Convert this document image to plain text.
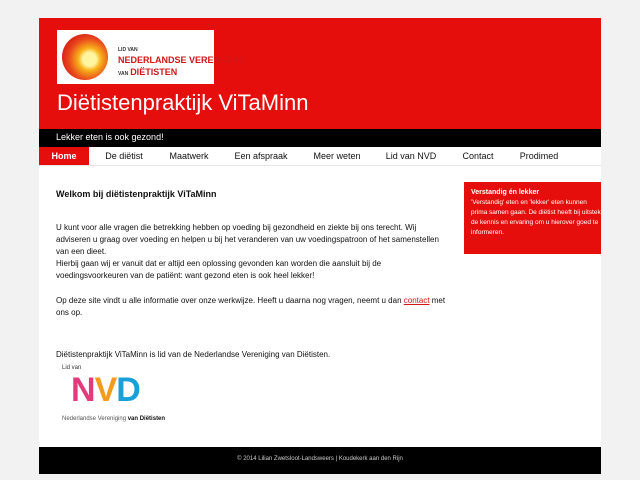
LID VAN
NEDERLANDSE VERENIGING
VAN DIËTISTEN
Diëtistenpraktijk ViTaMinn
Lekker eten is ook gezond!
Home	De diëtist	Maatwerk	Een afspraak	Meer weten	Lid van NVD	Contact	Prodimed
Welkom bij diëtistenpraktijk ViTaMinn

U kunt voor alle vragen die betrekking hebben op voeding bij gezondheid en ziekte bij ons terecht. Wij adviseren u graag over voeding en helpen u bij het veranderen van uw voedingspatroon of het samenstellen van een dieet.

Hierbij gaan wij er vanuit dat er altijd een oplossing gevonden kan worden die aansluit bij de voedingsvoorkeuren van de patiënt: want gezond eten is ook heel lekker!

Op deze site vindt u alle informatie over onze werkwijze. Heeft u daarna nog vragen, neemt u dan contact met ons op.

Diëtistenpraktijk ViTaMinn is lid van de Nederlandse Vereniging van Diëtisten.

Lid van
NVD
Nederlandse Vereniging van Diëtisten
Verstandig én lekker
'Verstandig' eten en 'lekker' eten kunnen prima samen gaan. De diëtist heeft bij uitstek de kennis en ervaring om u hierover goed te informeren.
© 2014 Lilian Zwetsloot-Landsweers | Koudekerk aan den Rijn
